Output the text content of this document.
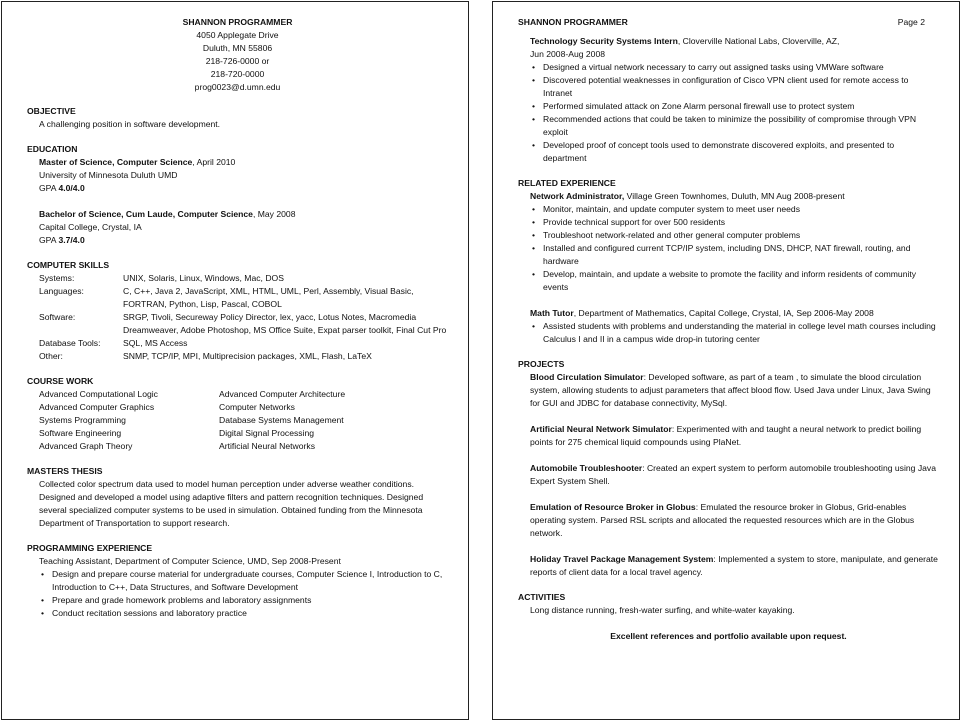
SHANNON PROGRAMMER
4050 Applegate Drive
Duluth, MN 55806
218-726-0000 or
218-720-0000
prog0023@d.umn.edu
OBJECTIVE
A challenging position in software development.
EDUCATION
Master of Science, Computer Science, April 2010
University of Minnesota Duluth UMD
GPA 4.0/4.0
Bachelor of Science, Cum Laude, Computer Science, May 2008
Capital College, Crystal, IA
GPA 3.7/4.0
COMPUTER SKILLS
Systems:	UNIX, Solaris, Linux, Windows, Mac, DOS
Languages:	C, C++, Java 2, JavaScript, XML, HTML, UML, Perl, Assembly, Visual Basic, FORTRAN, Python, Lisp, Pascal, COBOL
Software:	SRGP, Tivoli, Secureway Policy Director, lex, yacc, Lotus Notes, Macromedia Dreamweaver, Adobe Photoshop, MS Office Suite, Expat parser toolkit, Final Cut Pro
Database Tools:	SQL, MS Access
Other:	SNMP, TCP/IP, MPI, Multiprecision packages, XML, Flash, LaTeX
COURSE WORK
Advanced Computational Logic	Advanced Computer Architecture
Advanced Computer Graphics	Computer Networks
Systems Programming	Database Systems Management
Software Engineering	Digital Signal Processing
Advanced Graph Theory	Artificial Neural Networks
MASTERS THESIS
Collected color spectrum data used to model human perception under adverse weather conditions. Designed and developed a model using adaptive filters and pattern recognition techniques. Designed several specialized computer systems to be used in simulation. Obtained funding from the Minnesota Department of Transportation to support research.
PROGRAMMING EXPERIENCE
Teaching Assistant, Department of Computer Science, UMD, Sep 2008-Present
• Design and prepare course material for undergraduate courses, Computer Science I, Introduction to C, Introduction to C++, Data Structures, and Software Development
• Prepare and grade homework problems and laboratory assignments
• Conduct recitation sessions and laboratory practice
SHANNON PROGRAMMER	Page 2
Technology Security Systems Intern, Cloverville National Labs, Cloverville, AZ,
Jun 2008-Aug 2008
• Designed a virtual network necessary to carry out assigned tasks using VMWare software
• Discovered potential weaknesses in configuration of Cisco VPN client used for remote access to Intranet
• Performed simulated attack on Zone Alarm personal firewall use to protect system
• Recommended actions that could be taken to minimize the possibility of compromise through VPN exploit
• Developed proof of concept tools used to demonstrate discovered exploits, and presented to department
RELATED EXPERIENCE
Network Administrator, Village Green Townhomes, Duluth, MN Aug 2008-present
• Monitor, maintain, and update computer system to meet user needs
• Provide technical support for over 500 residents
• Troubleshoot network-related and other general computer problems
• Installed and configured current TCP/IP system, including DNS, DHCP, NAT firewall, routing, and hardware
• Develop, maintain, and update a website to promote the facility and inform residents of community events
Math Tutor, Department of Mathematics, Capital College, Crystal, IA, Sep 2006-May 2008
• Assisted students with problems and understanding the material in college level math courses including Calculus I and II in a campus wide drop-in tutoring center
PROJECTS
Blood Circulation Simulator: Developed software, as part of a team , to simulate the blood circulation system, allowing students to adjust parameters that affect blood flow. Used Java under Linux, Java Swing for GUI and JDBC for database connectivity, MySql.
Artificial Neural Network Simulator: Experimented with and taught a neural network to predict boiling points for 275 chemical liquid compounds using PlaNet.
Automobile Troubleshooter: Created an expert system to perform automobile troubleshooting using Java Expert System Shell.
Emulation of Resource Broker in Globus: Emulated the resource broker in Globus, Grid-enables operating system. Parsed RSL scripts and allocated the requested resources which are in the Globus network.
Holiday Travel Package Management System: Implemented a system to store, manipulate, and generate reports of client data for a local travel agency.
ACTIVITIES
Long distance running, fresh-water surfing, and white-water kayaking.
Excellent references and portfolio available upon request.
